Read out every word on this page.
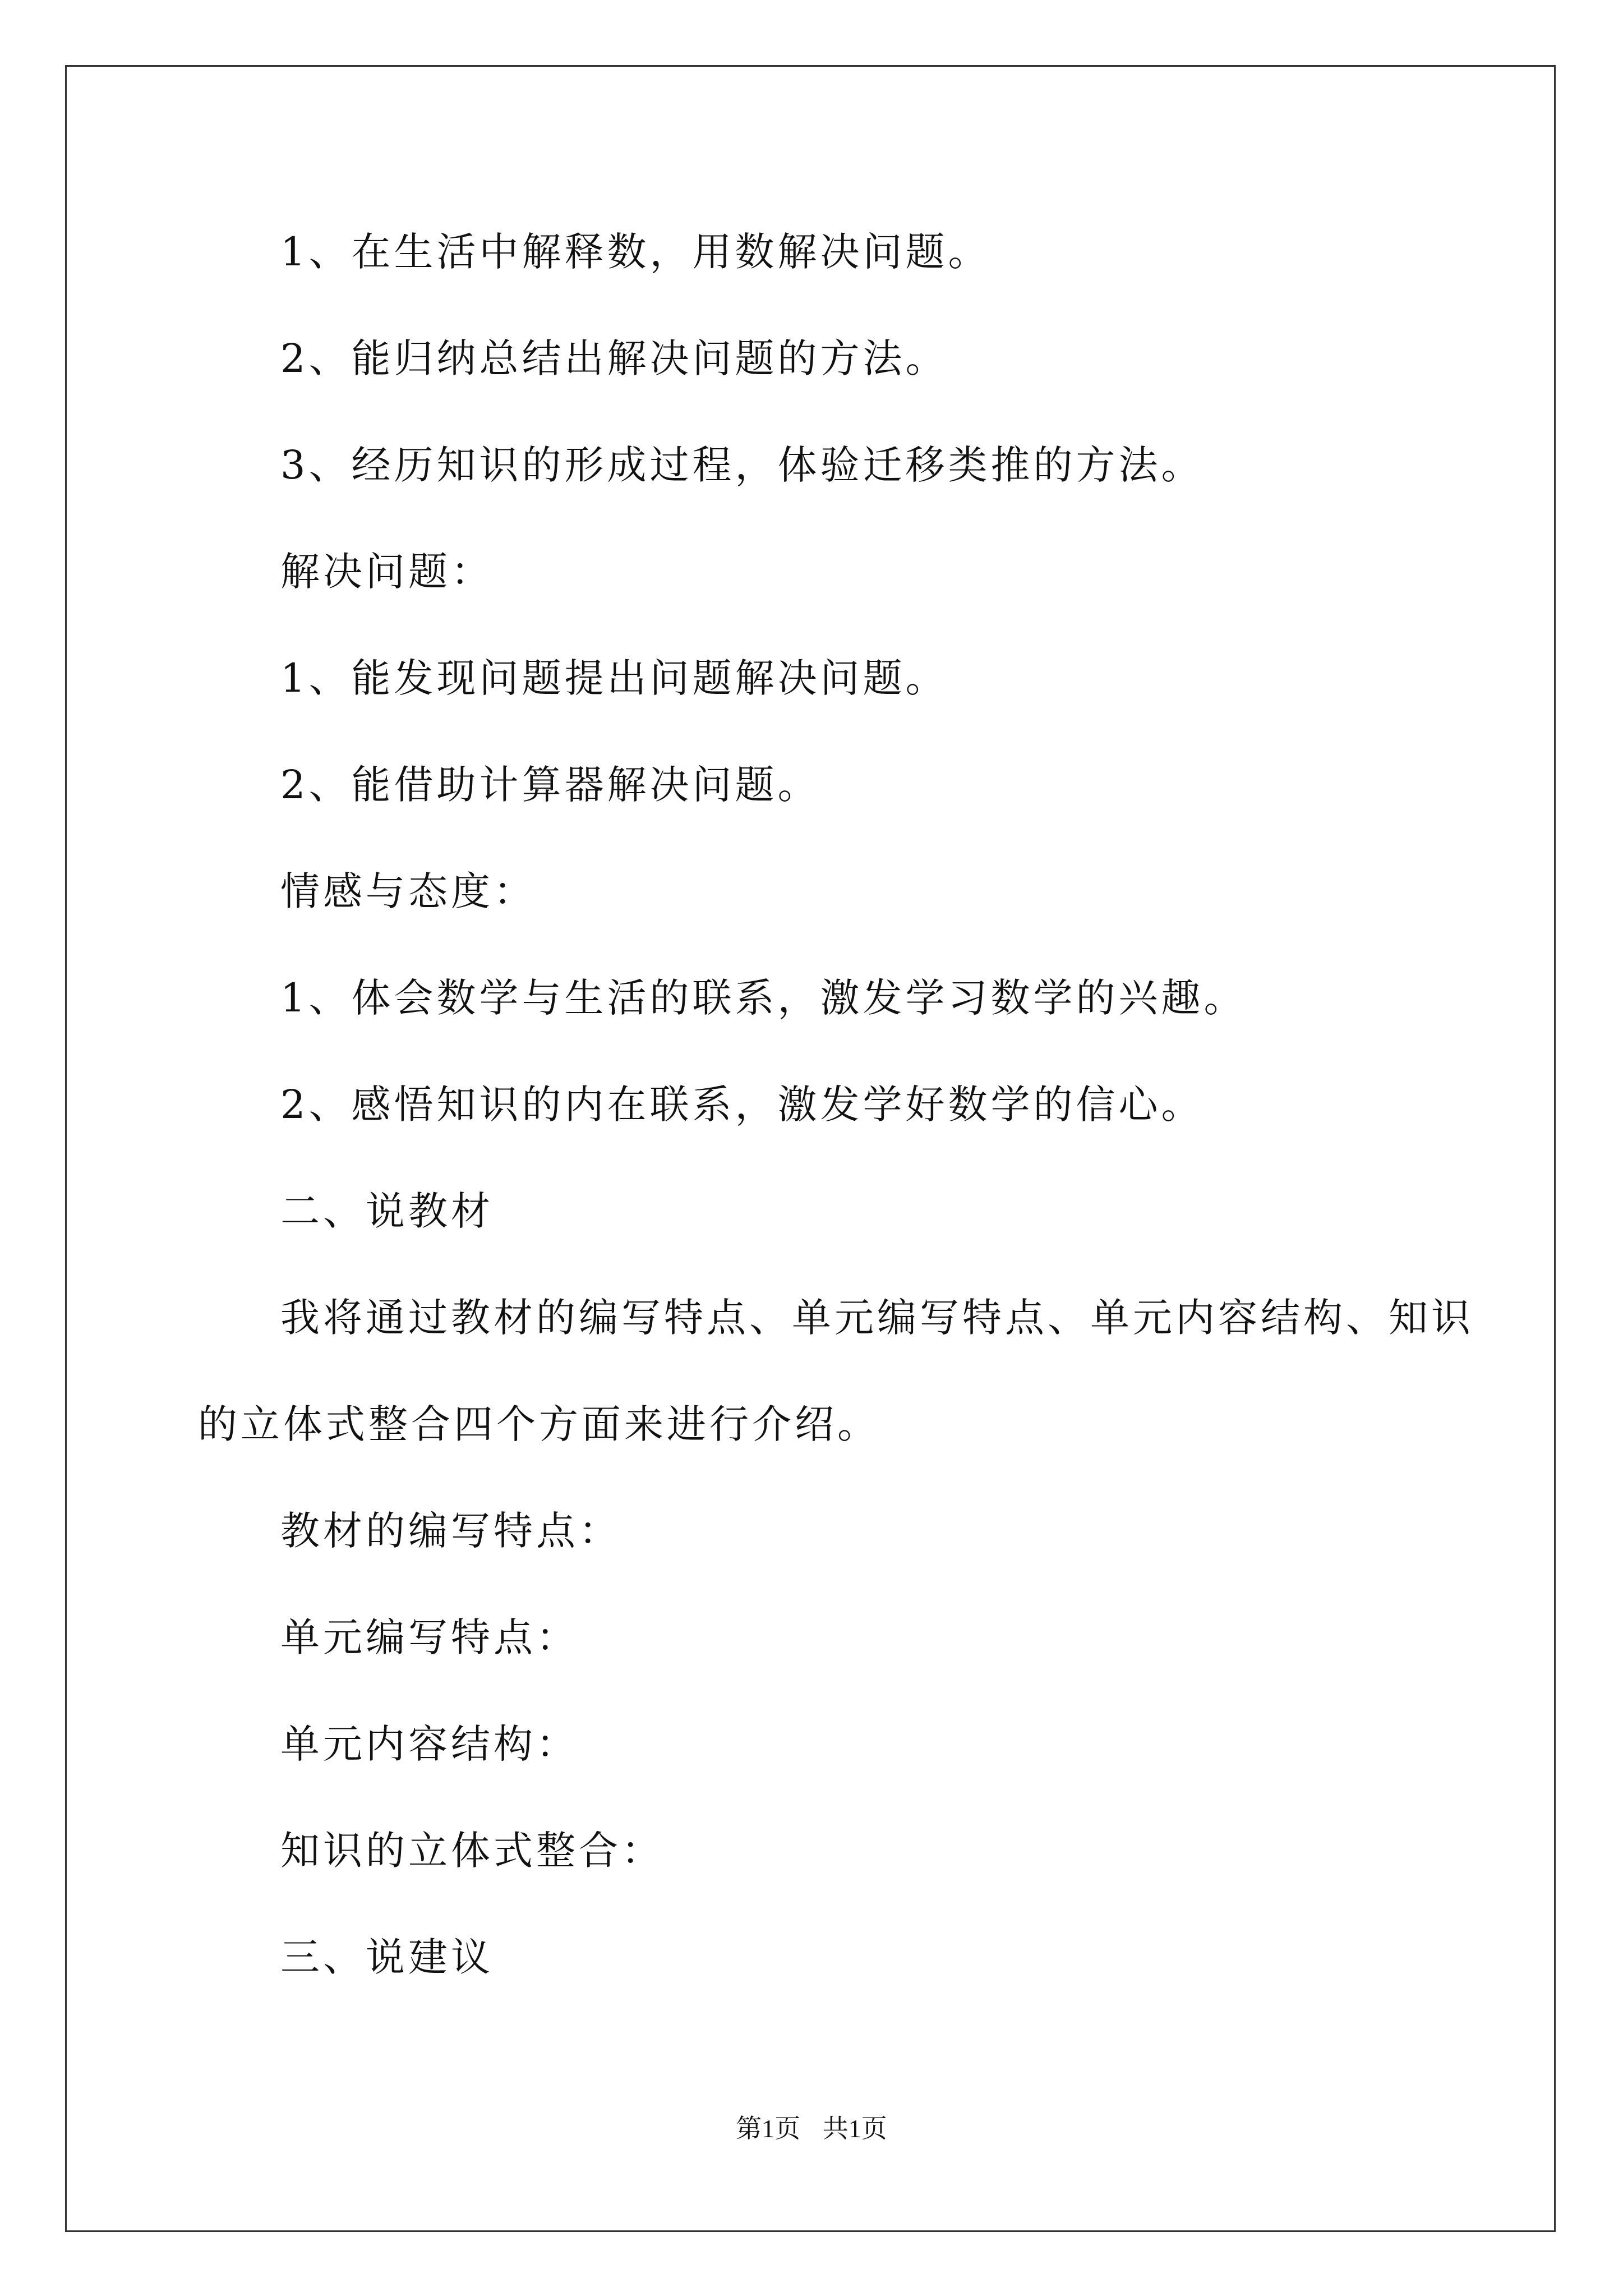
1、在生活中解释数，用数解决问题。
2、能归纳总结出解决问题的方法。
3、经历知识的形成过程，体验迁移类推的方法。
解决问题：
1、能发现问题提出问题解决问题。
2、能借助计算器解决问题。
情感与态度：
1、体会数学与生活的联系，激发学习数学的兴趣。
2、感悟知识的内在联系，激发学好数学的信心。
二、说教材
我将通过教材的编写特点、单元编写特点、单元内容结构、知识
的立体式整合四个方面来进行介绍。
教材的编写特点：
单元编写特点：
单元内容结构：
知识的立体式整合：
三、说建议
第1页 共1页
